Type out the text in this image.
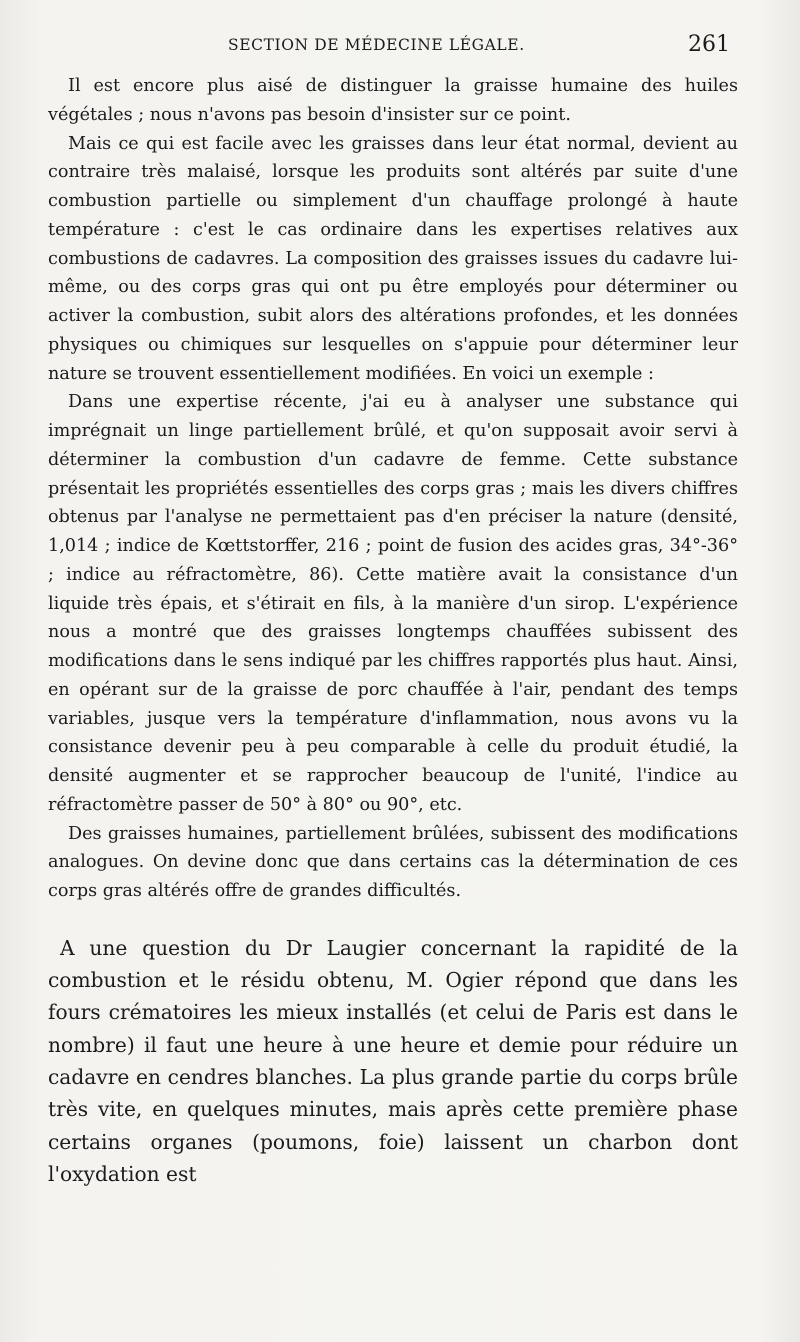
SECTION DE MÉDECINE LÉGALE.	261

Il est encore plus aisé de distinguer la graisse humaine des huiles végétales ; nous n'avons pas besoin d'insister sur ce point.

Mais ce qui est facile avec les graisses dans leur état normal, devient au contraire très malaisé, lorsque les produits sont altérés par suite d'une combustion partielle ou simplement d'un chauffage prolongé à haute température : c'est le cas ordinaire dans les expertises relatives aux combustions de cadavres. La composition des graisses issues du cadavre lui-même, ou des corps gras qui ont pu être employés pour déterminer ou activer la combustion, subit alors des altérations profondes, et les données physiques ou chimiques sur lesquelles on s'appuie pour déterminer leur nature se trouvent essentiellement modifiées. En voici un exemple :

Dans une expertise récente, j'ai eu à analyser une substance qui imprégnait un linge partiellement brûlé, et qu'on supposait avoir servi à déterminer la combustion d'un cadavre de femme. Cette substance présentait les propriétés essentielles des corps gras ; mais les divers chiffres obtenus par l'analyse ne permettaient pas d'en préciser la nature (densité, 1,014 ; indice de Kœttstorffer, 216 ; point de fusion des acides gras, 34°-36° ; indice au réfractomètre, 86). Cette matière avait la consistance d'un liquide très épais, et s'étirait en fils, à la manière d'un sirop. L'expérience nous a montré que des graisses longtemps chauffées subissent des modifications dans le sens indiqué par les chiffres rapportés plus haut. Ainsi, en opérant sur de la graisse de porc chauffée à l'air, pendant des temps variables, jusque vers la température d'inflammation, nous avons vu la consistance devenir peu à peu comparable à celle du produit étudié, la densité augmenter et se rapprocher beaucoup de l'unité, l'indice au réfractomètre passer de 50° à 80° ou 90°, etc.

Des graisses humaines, partiellement brûlées, subissent des modifications analogues. On devine donc que dans certains cas la détermination de ces corps gras altérés offre de grandes difficultés.

A une question du Dr Laugier concernant la rapidité de la combustion et le résidu obtenu, M. Ogier répond que dans les fours crématoires les mieux installés (et celui de Paris est dans le nombre) il faut une heure à une heure et demie pour réduire un cadavre en cendres blanches. La plus grande partie du corps brûle très vite, en quelques minutes, mais après cette première phase certains organes (poumons, foie) laissent un charbon dont l'oxydation est
